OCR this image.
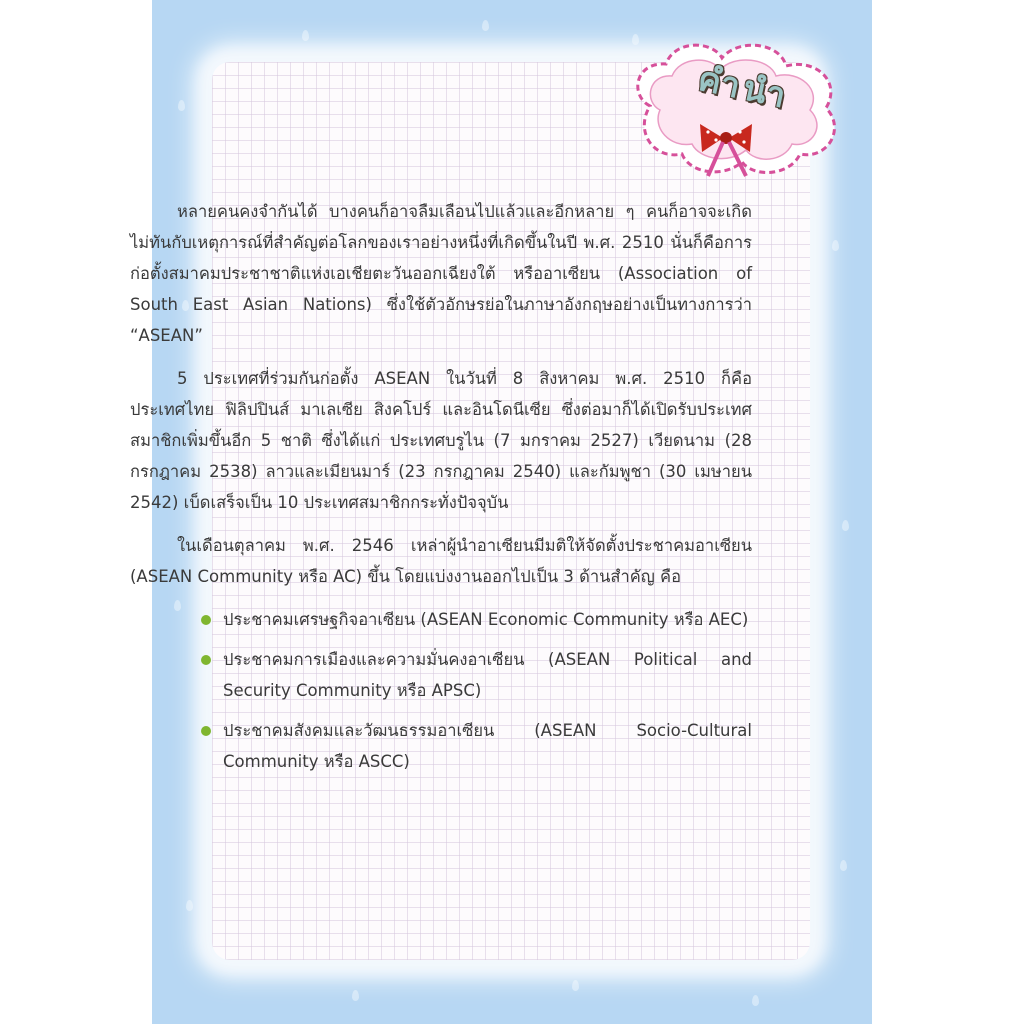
คำนำ

หลายคนคงจำกันได้ บางคนก็อาจลืมเลือนไปแล้วและอีกหลาย ๆ คนก็อาจจะเกิดไม่ทันกับเหตุการณ์ที่สำคัญต่อโลกของเราอย่างหนึ่งที่เกิดขึ้นในปี พ.ศ. 2510 นั่นก็คือการก่อตั้งสมาคมประชาชาติแห่งเอเชียตะวันออกเฉียงใต้ หรืออาเซียน (Association of South East Asian Nations) ซึ่งใช้ตัวอักษรย่อในภาษาอังกฤษอย่างเป็นทางการว่า “ASEAN”

5 ประเทศที่ร่วมกันก่อตั้ง ASEAN ในวันที่ 8 สิงหาคม พ.ศ. 2510 ก็คือ ประเทศไทย ฟิลิปปินส์ มาเลเซีย สิงคโปร์ และอินโดนีเซีย ซึ่งต่อมาก็ได้เปิดรับประเทศสมาชิกเพิ่มขึ้นอีก 5 ชาติ ซึ่งได้แก่ ประเทศบรูไน (7 มกราคม 2527) เวียดนาม (28 กรกฎาคม 2538) ลาวและเมียนมาร์ (23 กรกฎาคม 2540) และกัมพูชา (30 เมษายน 2542) เบ็ดเสร็จเป็น 10 ประเทศสมาชิกกระทั่งปัจจุบัน

ในเดือนตุลาคม พ.ศ. 2546 เหล่าผู้นำอาเซียนมีมติให้จัดตั้งประชาคมอาเซียน (ASEAN Community หรือ AC) ขึ้น โดยแบ่งงานออกไปเป็น 3 ด้านสำคัญ คือ

ประชาคมเศรษฐกิจอาเซียน (ASEAN Economic Community หรือ AEC)
ประชาคมการเมืองและความมั่นคงอาเซียน (ASEAN Political and Security Community หรือ APSC)
ประชาคมสังคมและวัฒนธรรมอาเซียน (ASEAN Socio-Cultural Community หรือ ASCC)
